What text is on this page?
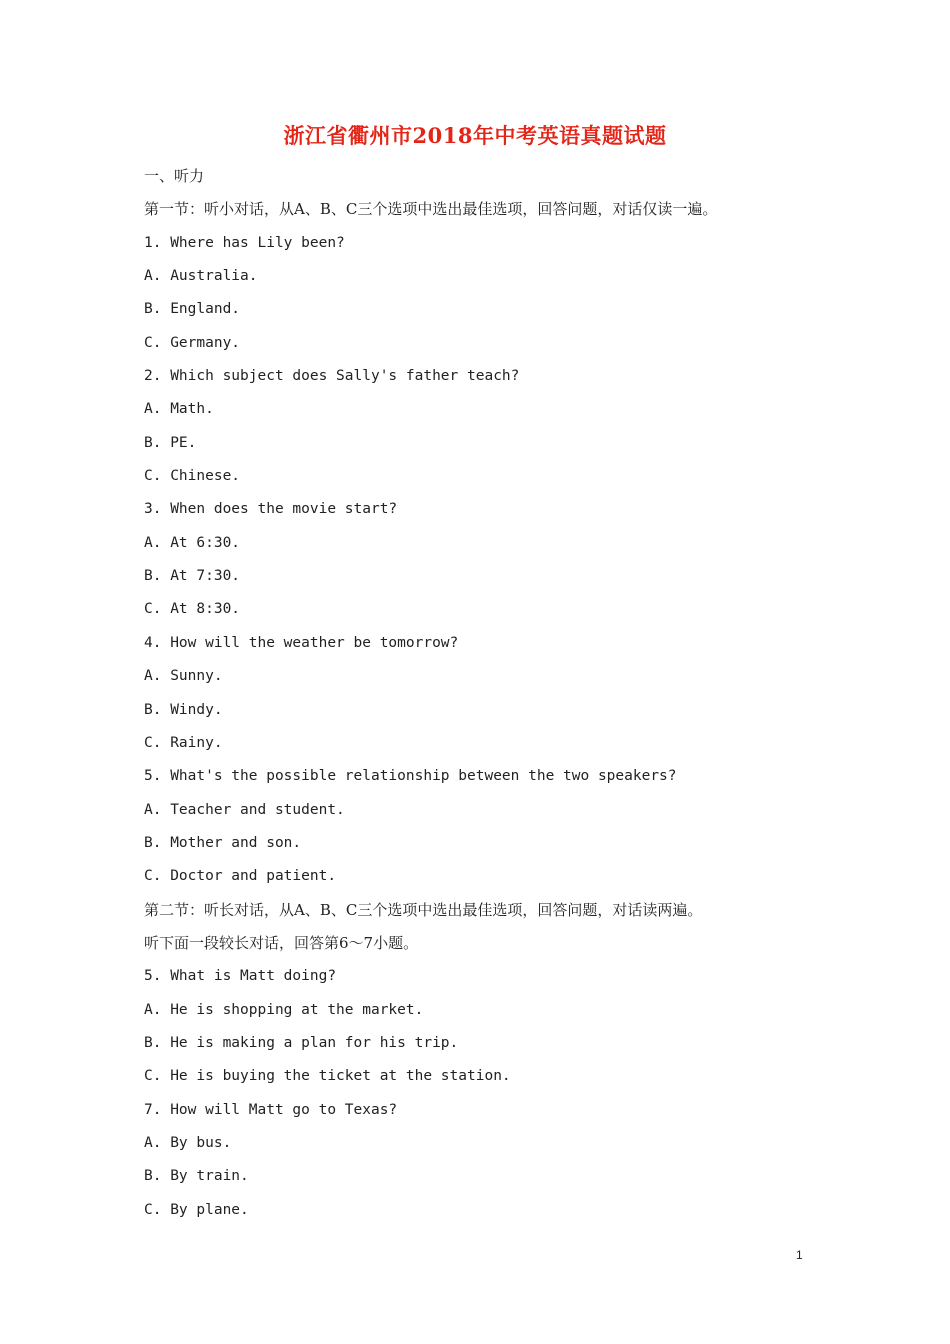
浙江省衢州市2018年中考英语真题试题
一、听力
第一节：听小对话，从A、B、C三个选项中选出最佳选项，回答问题，对话仅读一遍。
1. Where has Lily been?
A. Australia.
B. England.
C. Germany.
2. Which subject does Sally's father teach?
A. Math.
B. PE.
C. Chinese.
3. When does the movie start?
A. At 6:30.
B. At 7:30.
C. At 8:30.
4. How will the weather be tomorrow?
A. Sunny.
B. Windy.
C. Rainy.
5. What's the possible relationship between the two speakers?
A. Teacher and student.
B. Mother and son.
C. Doctor and patient.
第二节：听长对话，从A、B、C三个选项中选出最佳选项，回答问题，对话读两遍。
听下面一段较长对话，回答第6～7小题。
5. What is Matt doing?
A. He is shopping at the market.
B. He is making a plan for his trip.
C. He is buying the ticket at the station.
7. How will Matt go to Texas?
A. By bus.
B. By train.
C. By plane.
1
